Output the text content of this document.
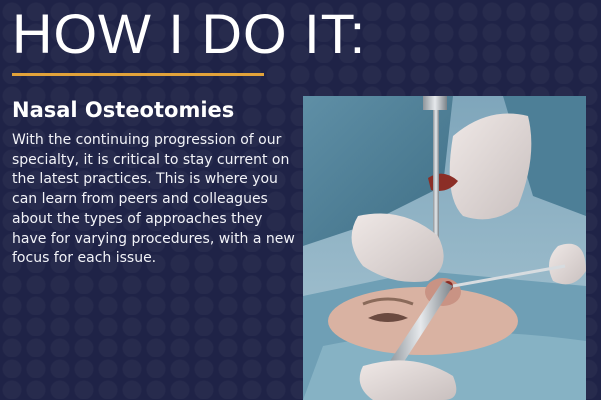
HOW I DO IT:
Nasal Osteotomies

With the continuing progression of our specialty, it is critical to stay current on the latest practices. This is where you can learn from peers and colleagues about the types of approaches they have for varying procedures, with a new focus for each issue.
